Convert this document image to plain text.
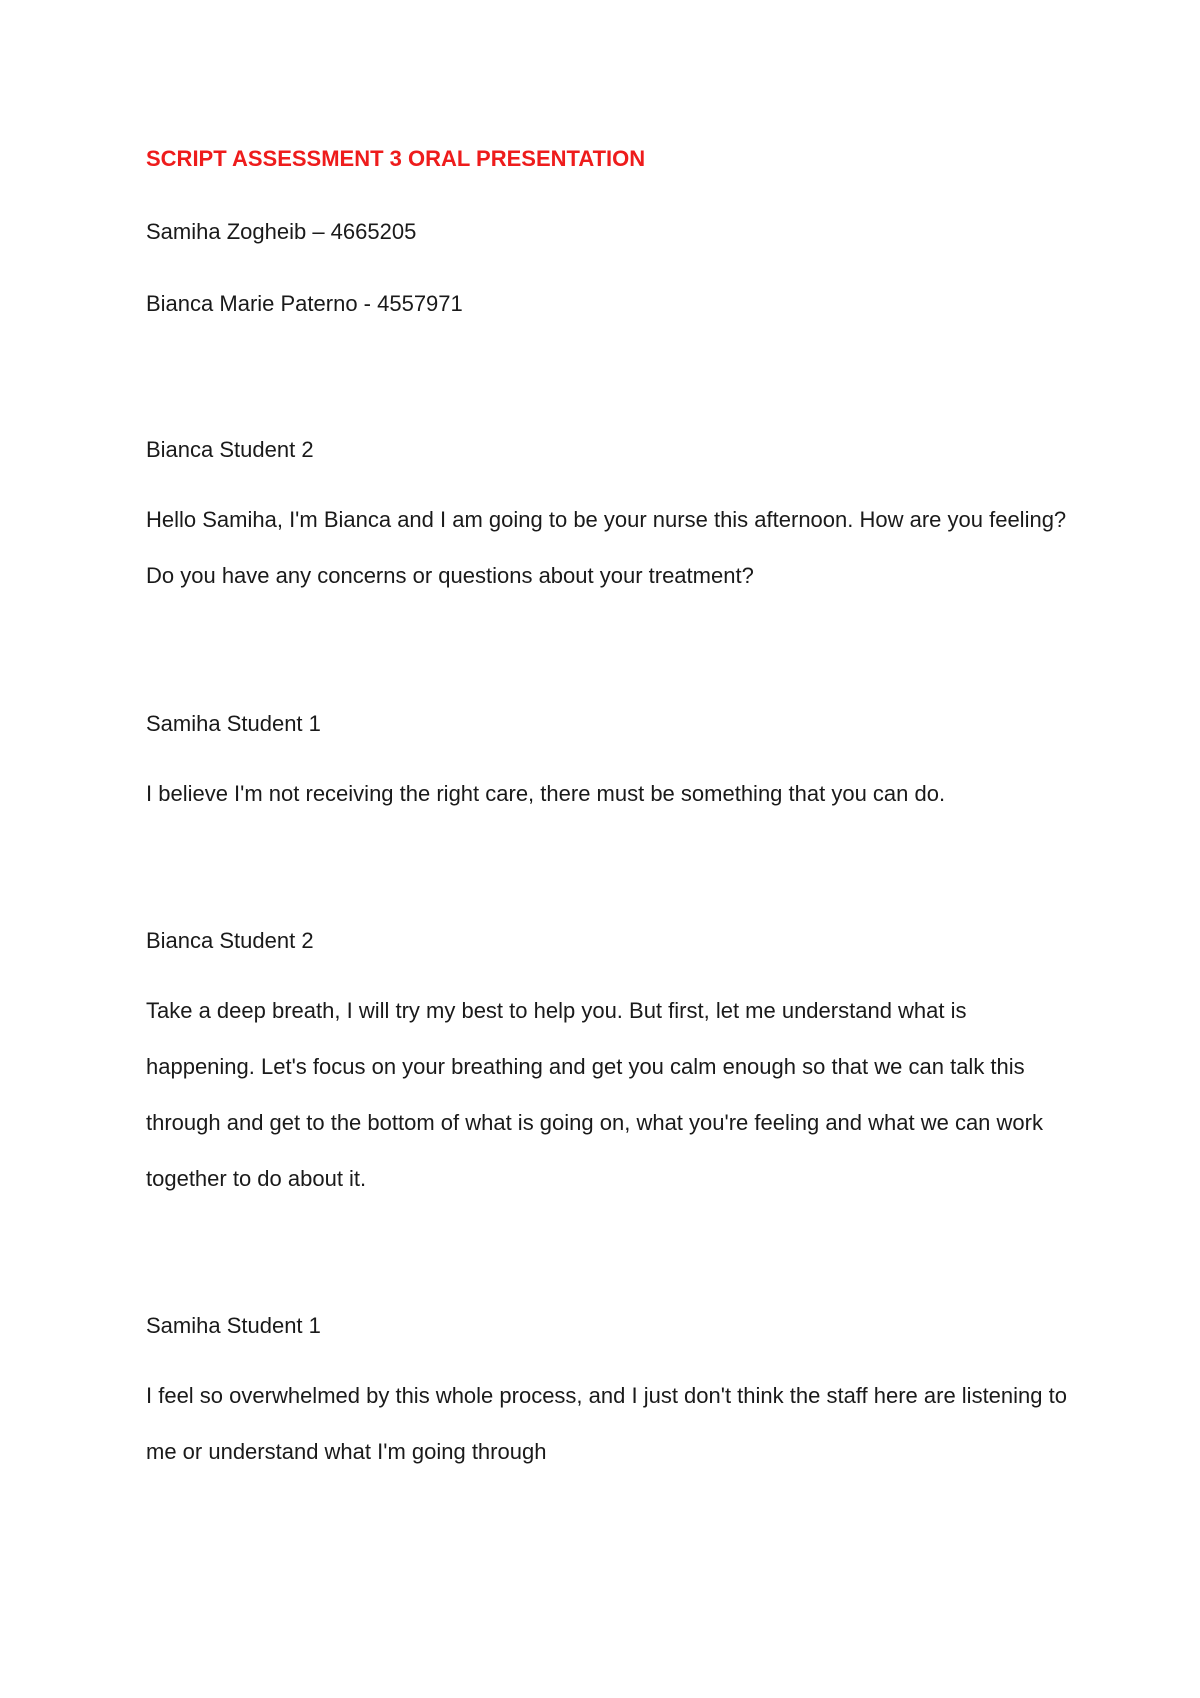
SCRIPT ASSESSMENT 3 ORAL PRESENTATION
Samiha Zogheib – 4665205
Bianca Marie Paterno - 4557971
Bianca Student 2
Hello Samiha, I'm Bianca and I am going to be your nurse this afternoon. How are you feeling? Do you have any concerns or questions about your treatment?
Samiha Student 1
I believe I'm not receiving the right care, there must be something that you can do.
Bianca Student 2
Take a deep breath, I will try my best to help you. But first, let me understand what is happening. Let's focus on your breathing and get you calm enough so that we can talk this through and get to the bottom of what is going on, what you're feeling and what we can work together to do about it.
Samiha Student 1
I feel so overwhelmed by this whole process, and I just don't think the staff here are listening to me or understand what I'm going through
